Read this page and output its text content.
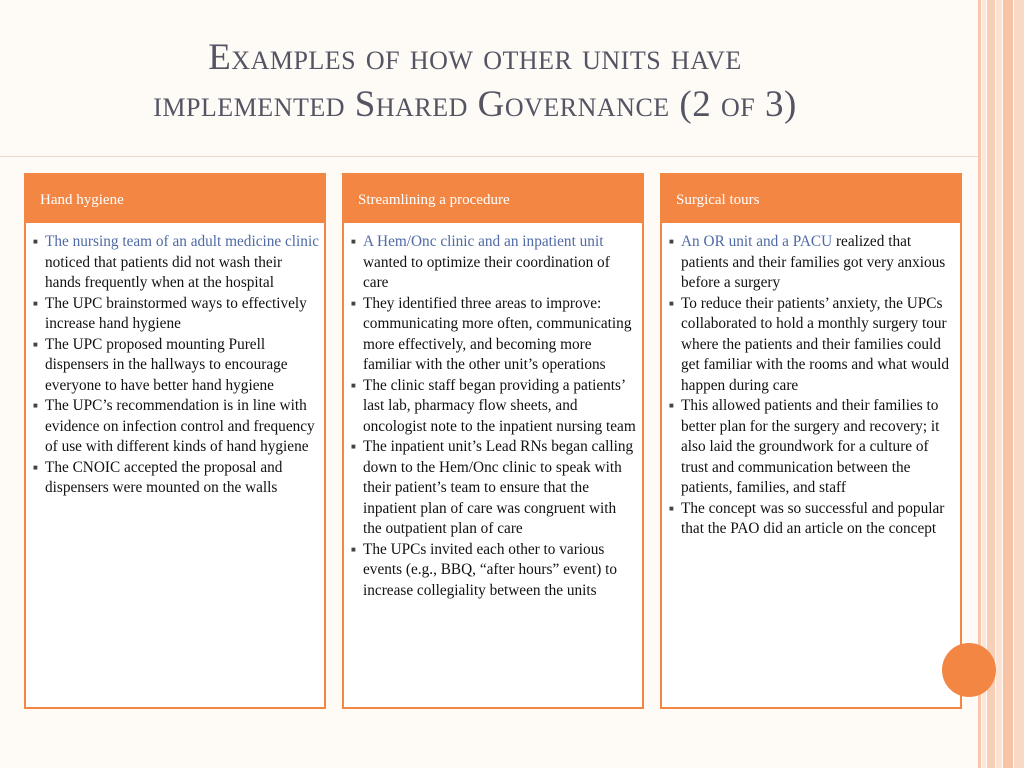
Examples of how other units have
implemented Shared Governance (2 of 3)
Hand hygiene
■ The nursing team of an adult medicine clinic noticed that patients did not wash their hands frequently when at the hospital
■ The UPC brainstormed ways to effectively increase hand hygiene
■ The UPC proposed mounting Purell dispensers in the hallways to encourage everyone to have better hand hygiene
■ The UPC’s recommendation is in line with evidence on infection control and frequency of use with different kinds of hand hygiene
■ The CNOIC accepted the proposal and dispensers were mounted on the walls
Streamlining a procedure
■ A Hem/Onc clinic and an inpatient unit wanted to optimize their coordination of care
■ They identified three areas to improve: communicating more often, communicating more effectively, and becoming more familiar with the other unit’s operations
■ The clinic staff began providing a patients’ last lab, pharmacy flow sheets, and oncologist note to the inpatient nursing team
■ The inpatient unit’s Lead RNs began calling down to the Hem/Onc clinic to speak with their patient’s team to ensure that the inpatient plan of care was congruent with the outpatient plan of care
■ The UPCs invited each other to various events (e.g., BBQ, “after hours” event) to increase collegiality between the units
Surgical tours
■ An OR unit and a PACU realized that patients and their families got very anxious before a surgery
■ To reduce their patients’ anxiety, the UPCs collaborated to hold a monthly surgery tour where the patients and their families could get familiar with the rooms and what would happen during care
■ This allowed patients and their families to better plan for the surgery and recovery; it also laid the groundwork for a culture of trust and communication between the patients, families, and staff
■ The concept was so successful and popular that the PAO did an article on the concept
